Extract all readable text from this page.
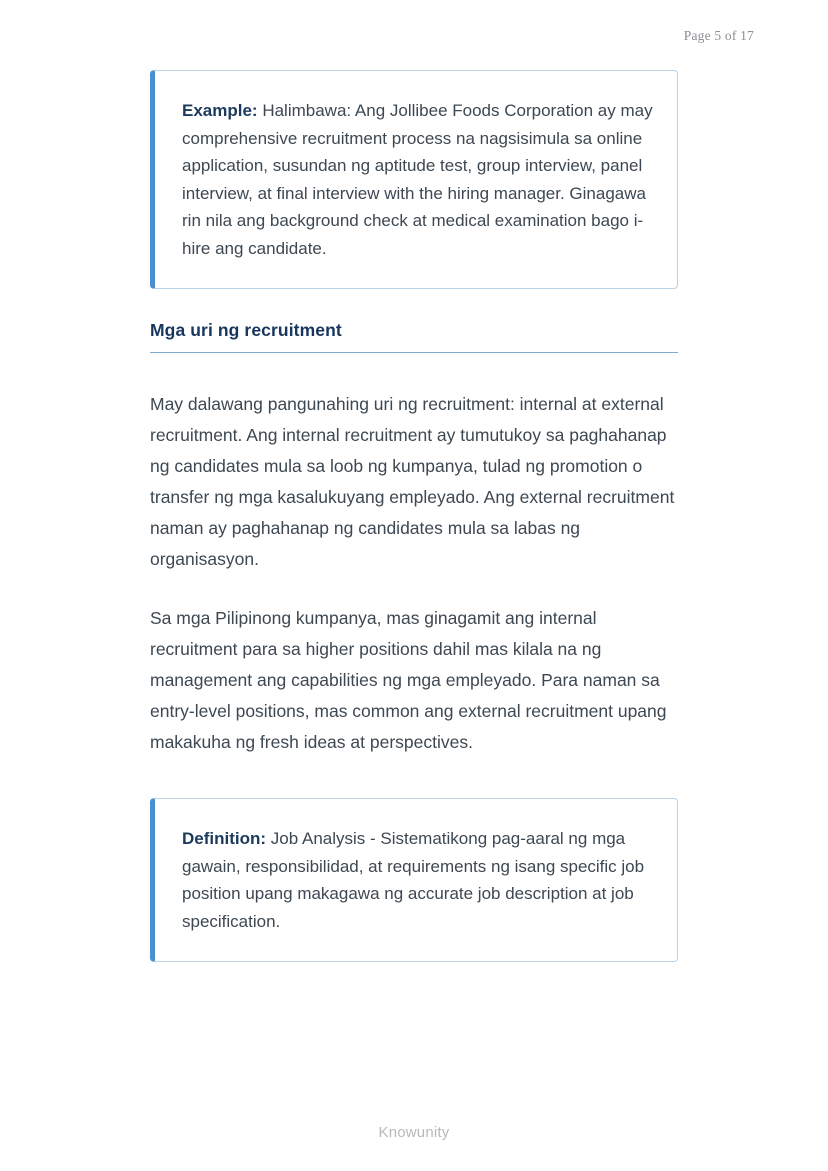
Page 5 of 17

Example: Halimbawa: Ang Jollibee Foods Corporation ay may comprehensive recruitment process na nagsisimula sa online application, susundan ng aptitude test, group interview, panel interview, at final interview with the hiring manager. Ginagawa rin nila ang background check at medical examination bago i-hire ang candidate.

Mga uri ng recruitment

May dalawang pangunahing uri ng recruitment: internal at external recruitment. Ang internal recruitment ay tumutukoy sa paghahanap ng candidates mula sa loob ng kumpanya, tulad ng promotion o transfer ng mga kasalukuyang empleyado. Ang external recruitment naman ay paghahanap ng candidates mula sa labas ng organisasyon.

Sa mga Pilipinong kumpanya, mas ginagamit ang internal recruitment para sa higher positions dahil mas kilala na ng management ang capabilities ng mga empleyado. Para naman sa entry-level positions, mas common ang external recruitment upang makakuha ng fresh ideas at perspectives.

Definition: Job Analysis - Sistematikong pag-aaral ng mga gawain, responsibilidad, at requirements ng isang specific job position upang makagawa ng accurate job description at job specification.

Knowunity
